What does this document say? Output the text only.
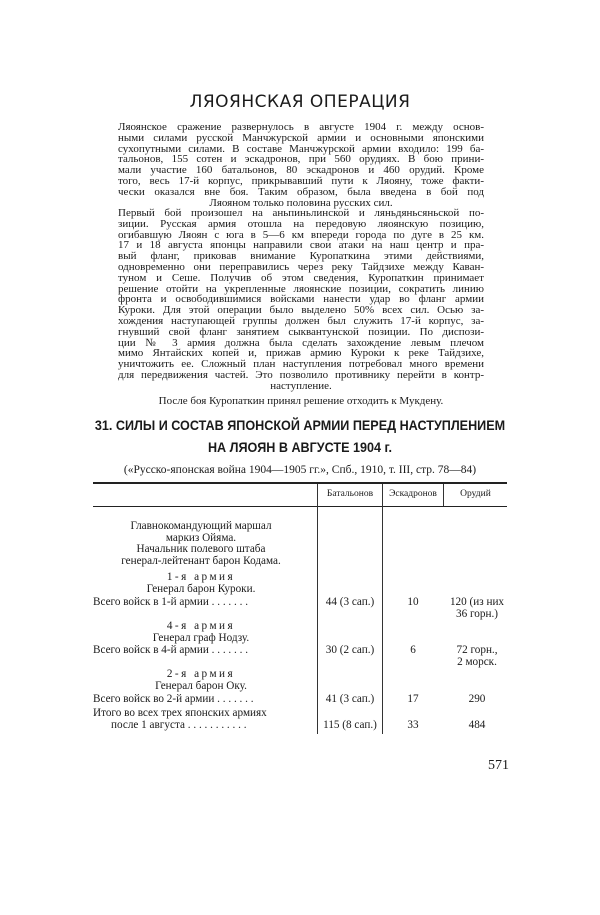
ЛЯОЯНСКАЯ ОПЕРАЦИЯ
Ляоянское сражение развернулось в августе 1904 г. между основ-
ными силами русской Манчжурской армии и основными японскими
сухопутными силами. В составе Манчжурской армии входило: 199 ба-
тальонов, 155 сотен и эскадронов, при 560 орудиях. В бою прини-
мали участие 160 батальонов, 80 эскадронов и 460 орудий. Кроме
того, весь 17-й корпус, прикрывавший пути к Ляояну, тоже факти-
чески оказался вне боя. Таким образом, была введена в бой под
Ляояном только половина русских сил.
Первый бой произошел на аньпиньлинской и ляньдяньсяньской по-
зиции. Русская армия отошла на передовую ляоянскую позицию,
огибавшую Ляоян с юга в 5—6 км впереди города по дуге в 25 км.
17 и 18 августа японцы направили свои атаки на наш центр и пра-
вый фланг, приковав внимание Куропаткина этими действиями,
одновременно они переправились через реку Тайдзихе между Каван-
туном и Сеше. Получив об этом сведения, Куропаткин принимает
решение отойти на укрепленные ляоянские позиции, сократить линию
фронта и освободившимися войсками нанести удар во фланг армии
Куроки. Для этой операции было выделено 50% всех сил. Осью за-
хождения наступающей группы должен был служить 17-й корпус, за-
гнувший свой фланг занятием сыквантунской позиции. По диспози-
ции № 3 армия должна была сделать захождение левым плечом
мимо Янтайских копей и, прижав армию Куроки к реке Тайдзихе,
уничтожить ее. Сложный план наступления потребовал много времени
для передвижения частей. Это позволило противнику перейти в контр-
наступление.
После боя Куропаткин принял решение отходить к Мукдену.
31. СИЛЫ И СОСТАВ ЯПОНСКОЙ АРМИИ ПЕРЕД НАСТУПЛЕНИЕМ
НА ЛЯОЯН В АВГУСТЕ 1904 г.
(«Русско-японская война 1904—1905 гг.», Спб., 1910, т. III, стр. 78—84)
Батальонов	Эскадронов	Орудий
Главнокомандующий маршал
маркиз Ойяма.
Начальник полевого штаба
генерал-лейтенант барон Кодама.
1-я армия
Генерал барон Куроки.
Всего войск в 1-й армии . . . . . . .	44 (3 сап.)	10	120 (из них
36 горн.)
4-я армия
Генерал граф Нодзу.
Всего войск в 4-й армии . . . . . . .	30 (2 сап.)	6	72 горн.,
2 морск.
2-я армия
Генерал барон Оку.
Всего войск во 2-й армии . . . . . . .	41 (3 сап.)	17	290
Итого во всех трех японских армиях
после 1 августа . . . . . . . . . . .	115 (8 сап.)	33	484
571
